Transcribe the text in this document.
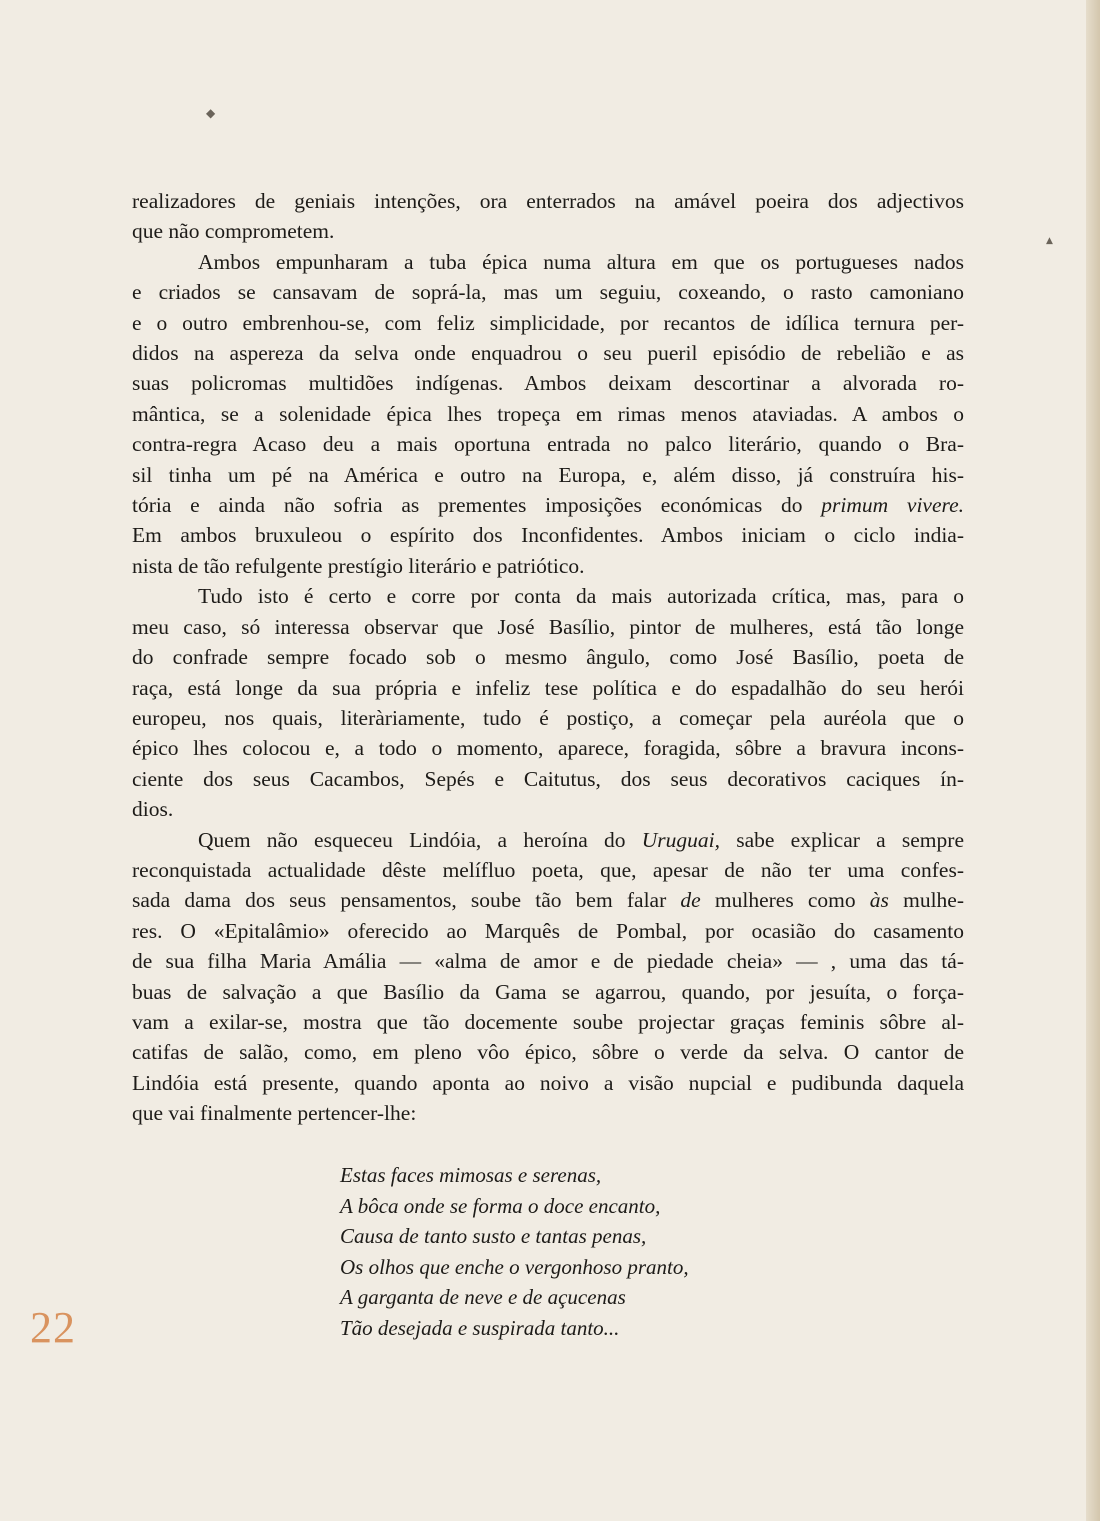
◆
▲

realizadores de geniais intenções, ora enterrados na amável poeira dos adjectivos
que não comprometem.

Ambos empunharam a tuba épica numa altura em que os portugueses nados
e criados se cansavam de soprá-la, mas um seguiu, coxeando, o rasto camoniano
e o outro embrenhou-se, com feliz simplicidade, por recantos de idílica ternura per-
didos na aspereza da selva onde enquadrou o seu pueril episódio de rebelião e as
suas policromas multidões indígenas. Ambos deixam descortinar a alvorada ro-
mântica, se a solenidade épica lhes tropeça em rimas menos ataviadas. A ambos o
contra-regra Acaso deu a mais oportuna entrada no palco literário, quando o Bra-
sil tinha um pé na América e outro na Europa, e, além disso, já construíra his-
tória e ainda não sofria as prementes imposições económicas do primum vivere.
Em ambos bruxuleou o espírito dos Inconfidentes. Ambos iniciam o ciclo india-
nista de tão refulgente prestígio literário e patriótico.

Tudo isto é certo e corre por conta da mais autorizada crítica, mas, para o
meu caso, só interessa observar que José Basílio, pintor de mulheres, está tão longe
do confrade sempre focado sob o mesmo ângulo, como José Basílio, poeta de
raça, está longe da sua própria e infeliz tese política e do espadalhão do seu herói
europeu, nos quais, literàriamente, tudo é postiço, a começar pela auréola que o
épico lhes colocou e, a todo o momento, aparece, foragida, sôbre a bravura incons-
ciente dos seus Cacambos, Sepés e Caitutus, dos seus decorativos caciques ín-
dios.

Quem não esqueceu Lindóia, a heroína do Uruguai, sabe explicar a sempre
reconquistada actualidade dêste melífluo poeta, que, apesar de não ter uma confes-
sada dama dos seus pensamentos, soube tão bem falar de mulheres como às mulhe-
res. O «Epitalâmio» oferecido ao Marquês de Pombal, por ocasião do casamento
de sua filha Maria Amália — «alma de amor e de piedade cheia» — , uma das tá-
buas de salvação a que Basílio da Gama se agarrou, quando, por jesuíta, o força-
vam a exilar-se, mostra que tão docemente soube projectar graças feminis sôbre al-
catifas de salão, como, em pleno vôo épico, sôbre o verde da selva. O cantor de
Lindóia está presente, quando aponta ao noivo a visão nupcial e pudibunda daquela
que vai finalmente pertencer-lhe:

Estas faces mimosas e serenas,
A bôca onde se forma o doce encanto,
Causa de tanto susto e tantas penas,
Os olhos que enche o vergonhoso pranto,
A garganta de neve e de açucenas
Tão desejada e suspirada tanto...
22
